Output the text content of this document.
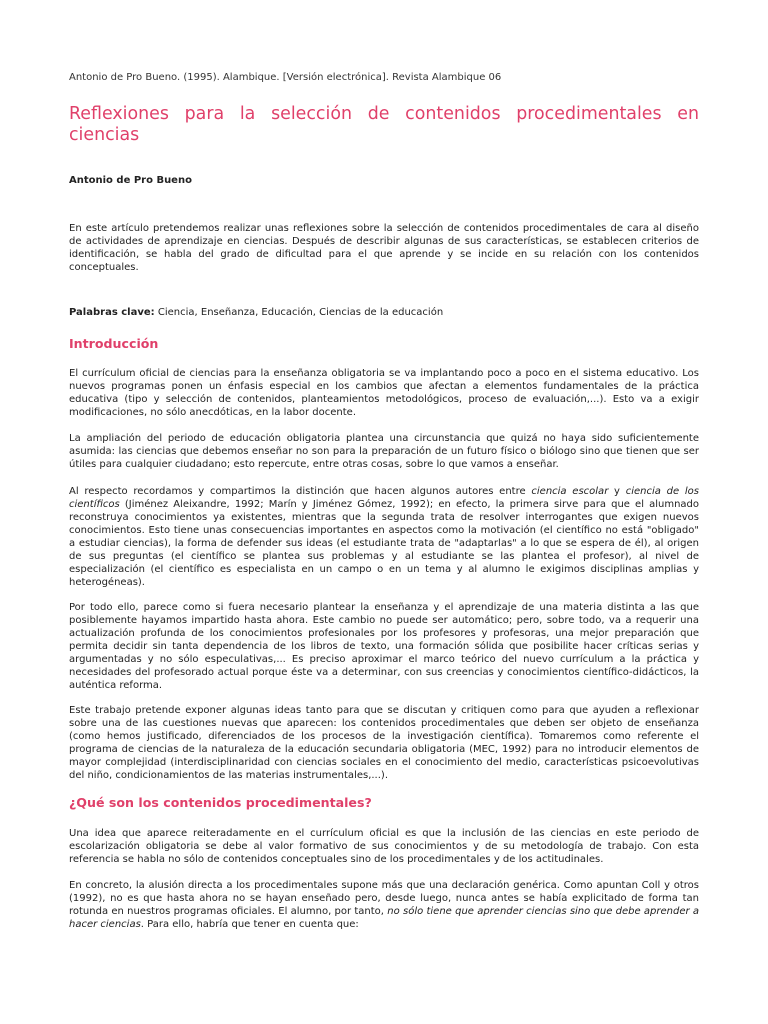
Antonio de Pro Bueno. (1995). Alambique. [Versión electrónica]. Revista Alambique 06
Reflexiones para la selección de contenidos procedimentales en ciencias
Antonio de Pro Bueno

En este artículo pretendemos realizar unas reflexiones sobre la selección de contenidos procedimentales de cara al diseño de actividades de aprendizaje en ciencias. Después de describir algunas de sus características, se establecen criterios de identificación, se habla del grado de dificultad para el que aprende y se incide en su relación con los contenidos conceptuales.

Palabras clave: Ciencia, Enseñanza, Educación, Ciencias de la educación
Introducción

El currículum oficial de ciencias para la enseñanza obligatoria se va implantando poco a poco en el sistema educativo. Los nuevos programas ponen un énfasis especial en los cambios que afectan a elementos fundamentales de la práctica educativa (tipo y selección de contenidos, planteamientos metodológicos, proceso de evaluación,...). Esto va a exigir modificaciones, no sólo anecdóticas, en la labor docente.

La ampliación del periodo de educación obligatoria plantea una circunstancia que quizá no haya sido suficientemente asumida: las ciencias que debemos enseñar no son para la preparación de un futuro físico o biólogo sino que tienen que ser útiles para cualquier ciudadano; esto repercute, entre otras cosas, sobre lo que vamos a enseñar.

Al respecto recordamos y compartimos la distinción que hacen algunos autores entre ciencia escolar y ciencia de los científicos (Jiménez Aleixandre, 1992; Marín y Jiménez Gómez, 1992); en efecto, la primera sirve para que el alumnado reconstruya conocimientos ya existentes, mientras que la segunda trata de resolver interrogantes que exigen nuevos conocimientos. Esto tiene unas consecuencias importantes en aspectos como la motivación (el científico no está "obligado" a estudiar ciencias), la forma de defender sus ideas (el estudiante trata de "adaptarlas" a lo que se espera de él), al origen de sus preguntas (el científico se plantea sus problemas y al estudiante se las plantea el profesor), al nivel de especialización (el científico es especialista en un campo o en un tema y al alumno le exigimos disciplinas amplias y heterogéneas).

Por todo ello, parece como si fuera necesario plantear la enseñanza y el aprendizaje de una materia distinta a las que posiblemente hayamos impartido hasta ahora. Este cambio no puede ser automático; pero, sobre todo, va a requerir una actualización profunda de los conocimientos profesionales por los profesores y profesoras, una mejor preparación que permita decidir sin tanta dependencia de los libros de texto, una formación sólida que posibilite hacer críticas serias y argumentadas y no sólo especulativas,... Es preciso aproximar el marco teórico del nuevo currículum a la práctica y necesidades del profesorado actual porque éste va a determinar, con sus creencias y conocimientos científico-didácticos, la auténtica reforma.

Este trabajo pretende exponer algunas ideas tanto para que se discutan y critiquen como para que ayuden a reflexionar sobre una de las cuestiones nuevas que aparecen: los contenidos procedimentales que deben ser objeto de enseñanza (como hemos justificado, diferenciados de los procesos de la investigación científica). Tomaremos como referente el programa de ciencias de la naturaleza de la educación secundaria obligatoria (MEC, 1992) para no introducir elementos de mayor complejidad (interdisciplinaridad con ciencias sociales en el conocimiento del medio, características psicoevolutivas del niño, condicionamientos de las materias instrumentales,...).

¿Qué son los contenidos procedimentales?

Una idea que aparece reiteradamente en el currículum oficial es que la inclusión de las ciencias en este periodo de escolarización obligatoria se debe al valor formativo de sus conocimientos y de su metodología de trabajo. Con esta referencia se habla no sólo de contenidos conceptuales sino de los procedimentales y de los actitudinales.

En concreto, la alusión directa a los procedimentales supone más que una declaración genérica. Como apuntan Coll y otros (1992), no es que hasta ahora no se hayan enseñado pero, desde luego, nunca antes se había explicitado de forma tan rotunda en nuestros programas oficiales. El alumno, por tanto, no sólo tiene que aprender ciencias sino que debe aprender a hacer ciencias. Para ello, habría que tener en cuenta que:
